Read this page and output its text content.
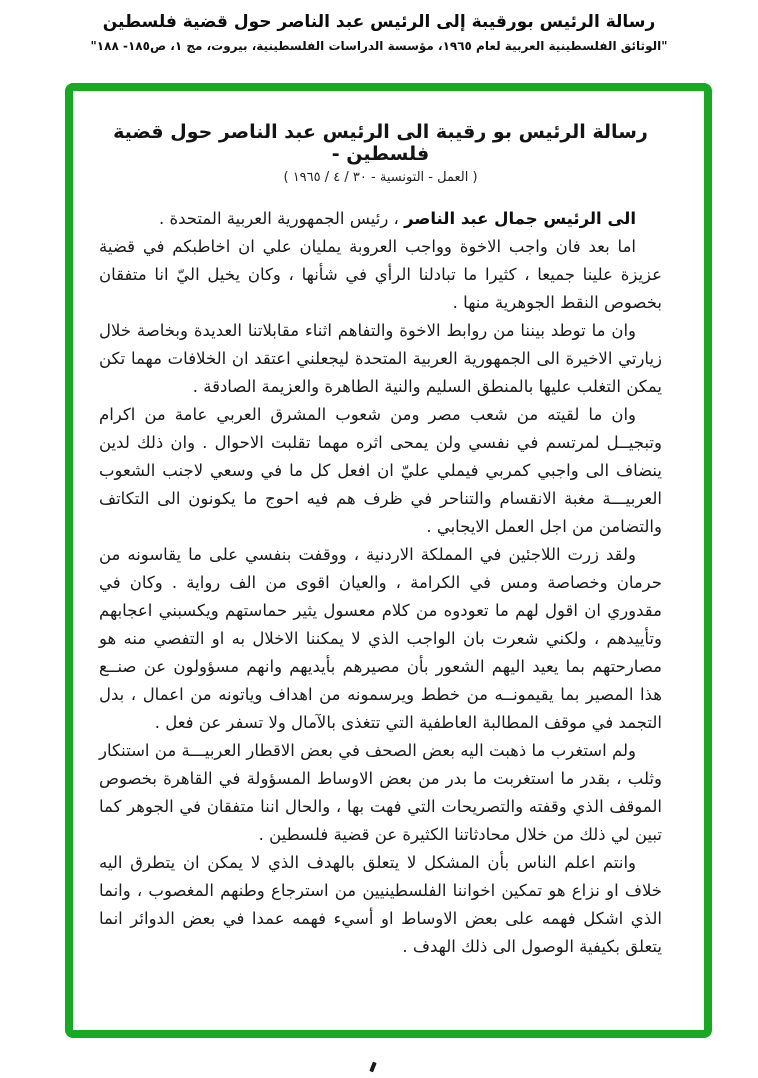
رسالة الرئيس بورقيبة إلى الرئيس عبد الناصر حول قضية فلسطين
"الوثائق الفلسطينية العربية لعام ١٩٦٥، مؤسسة الدراسات الفلسطينية، بيروت، مج ١، ص١٨٥- ١٨٨"
رسالة الرئيس بو رقيبة الى الرئيس عبد الناصر حول قضية فلسطين -
( العمل - التونسية - ٣٠ / ٤ / ١٩٦٥ )

الى الرئيس جمال عبد الناصر ، رئيس الجمهورية العربية المتحدة .

اما بعد فان واجب الاخوة وواجب العروبة يمليان علي ان اخاطبكم في قضية عزيزة علينا جميعا ، كثيرا ما تبادلنا الرأي في شأنها ، وكان يخيل اليّ انا متفقان بخصوص النقط الجوهرية منها .

وان ما توطد بيننا من روابط الاخوة والتفاهم اثناء مقابلاتنا العديدة وبخاصة خلال زيارتي الاخيرة الى الجمهورية العربية المتحدة ليجعلني اعتقد ان الخلافات مهما تكن يمكن التغلب عليها بالمنطق السليم والنية الطاهرة والعزيمة الصادقة .

وان ما لقيته من شعب مصر ومن شعوب المشرق العربي عامة من اكرام وتبجيــل لمرتسم في نفسي ولن يمحى اثره مهما تقلبت الاحوال . وان ذلك لدين ينضاف الى واجبي كمربي فيملي عليّ ان افعل كل ما في وسعي لاجنب الشعوب العربيـــة مغبة الانقسام والتناحر في ظرف هم فيه احوج ما يكونون الى التكاتف والتضامن من اجل العمل الايجابي .

ولقد زرت اللاجئين في المملكة الاردنية ، ووقفت بنفسي على ما يقاسونه من حرمان وخصاصة ومس في الكرامة ، والعيان اقوى من الف رواية . وكان في مقدوري ان اقول لهم ما تعودوه من كلام معسول يثير حماستهم ويكسبني اعجابهم وتأييدهم ، ولكني شعرت بان الواجب الذي لا يمكننا الاخلال به او التفصي منه هو مصارحتهم بما يعيد اليهم الشعور بأن مصيرهم بأيديهم وانهم مسؤولون عن صنــع هذا المصير بما يقيمونــه من خطط ويرسمونه من اهداف وياتونه من اعمال ، بدل التجمد في موقف المطالبة العاطفية التي تتغذى بالآمال ولا تسفر عن فعل .

ولم استغرب ما ذهبت اليه بعض الصحف في بعض الاقطار العربيـــة من استنكار وثلب ، بقدر ما استغربت ما بدر من بعض الاوساط المسؤولة في القاهرة بخصوص الموقف الذي وقفته والتصريحات التي فهت بها ، والحال اننا متفقان في الجوهر كما تبين لي ذلك من خلال محادثاتنا الكثيرة عن قضية فلسطين .

وانتم اعلم الناس بأن المشكل لا يتعلق بالهدف الذي لا يمكن ان يتطرق اليه خلاف او نزاع هو تمكين اخواننا الفلسطينيين من استرجاع وطنهم المغصوب ، وانما الذي اشكل فهمه على بعض الاوساط او أسيء فهمه عمدا في بعض الدوائر انما يتعلق بكيفية الوصول الى ذلك الهدف .
